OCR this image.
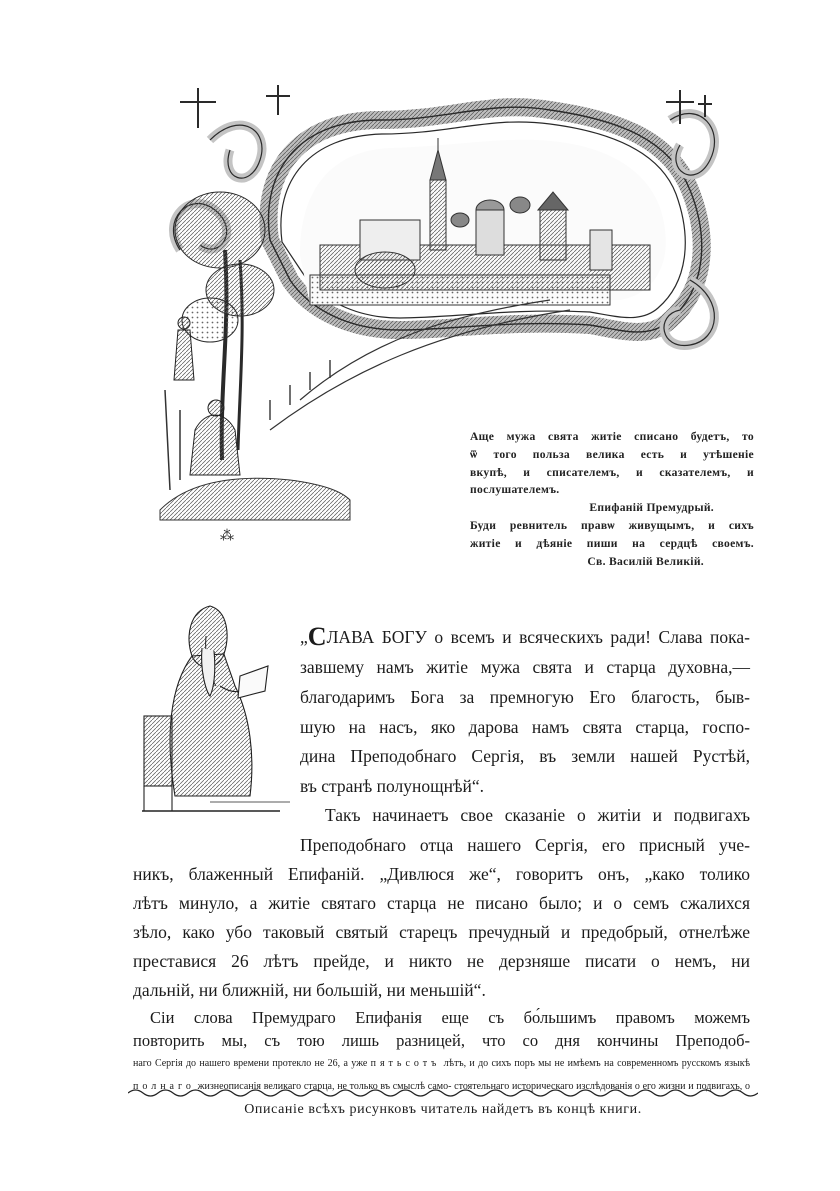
⁂
Аще мужа свята житiе списано будетъ, то
ѿ того польза велика есть и утѣшенiе
вкупѣ, и списателемъ, и сказателемъ, и
послушателемъ.
Епифанiй Премудрый.
Буди ревнитель правѡ живущымъ, и сихъ
житiе и дѣянiе пиши на сердцѣ своемъ.
Св. Василiй Великiй.
„СЛАВА БОГУ о всемъ и всяческихъ ради! Слава пока-
завшему намъ житiе мужа свята и старца духовна,—
благодаримъ Бога за премногую Его благость, быв-
шую на насъ, яко дарова намъ свята старца, госпо-
дина Преподобнаго Сергiя, въ земли нашей Рустѣй,
въ странѣ полунощнѣй“.
Такъ начинаетъ свое сказанiе о житiи и подвигахъ
Преподобнаго отца нашего Сергiя, его присный уче-
никъ, блаженный Епифанiй. „Дивлюся же“, говоритъ онъ, „како толико
лѣтъ минуло, а житiе святаго старца не писано было; и о семъ сжалихся
зѣло, како убо таковый святый старецъ пречудный и предобрый, отнелѣже
преставися 26 лѣтъ прейде, и никто не дерзняше писати о немъ, ни
дальнiй, ни ближнiй, ни большiй, ни меньшiй“.
Описанiе всѣхъ рисунковъ читатель найдетъ въ концѣ книги.
Сiи слова Премудраго Епифанiя еще съ бо́льшимъ правомъ можемъ
повторить мы, съ тою лишь разницей, что со дня кончины Преподоб-
наго Сергiя до нашего времени протекло не 26, а уже пятьсотъ лѣтъ, и до сихъ поръ мы не имѣемъ на современномъ русскомъ языкѣ
полнаго жизнеописанiя великаго старца, не только въ смыслѣ само- стоятельнаго историческаго изслѣдованiя о его жизни и подвигахъ, о
